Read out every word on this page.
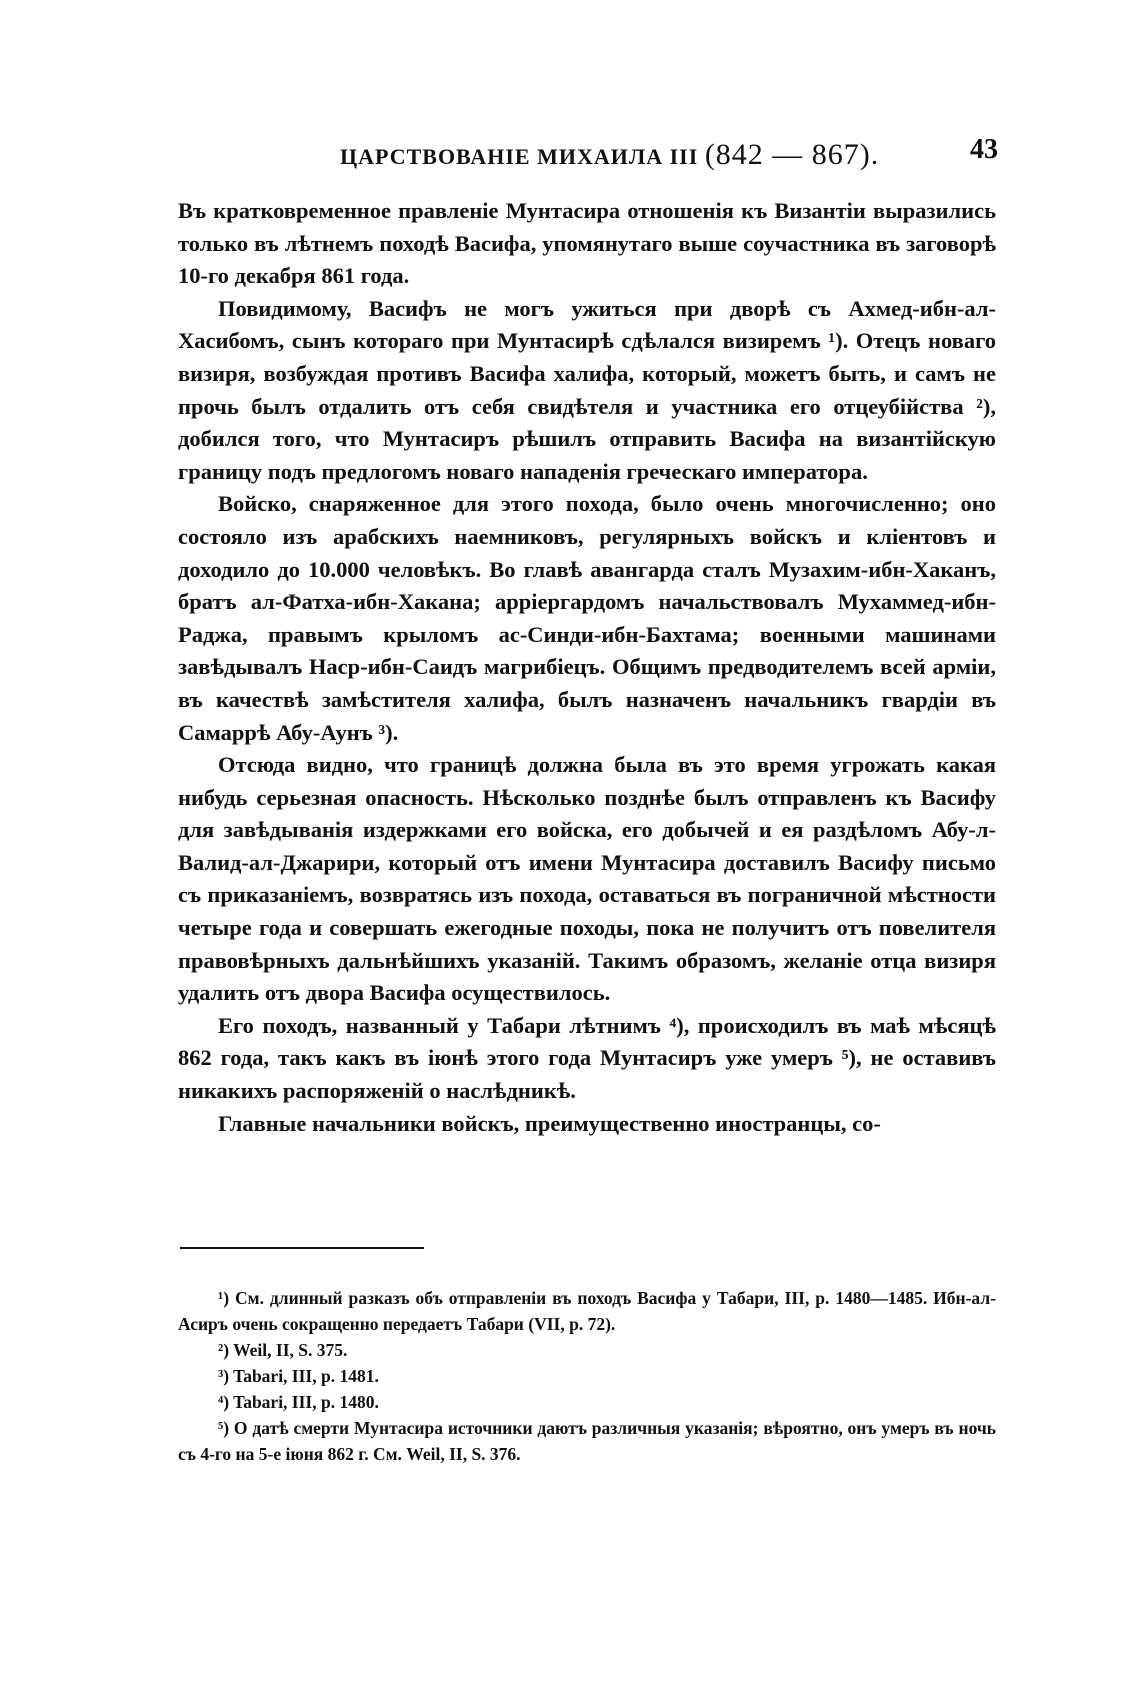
ЦАРСТВОВАНІЕ МИХАИЛА III (842 — 867).	43

Въ кратковременное правленіе Мунтасира отношенія къ Византіи выразились только въ лѣтнемъ походѣ Васифа, упомянутаго выше соучастника въ заговорѣ 10-го декабря 861 года.

Повидимому, Васифъ не могъ ужиться при дворѣ съ Ахмед-ибн-ал-Хасибомъ, сынъ котораго при Мунтасирѣ сдѣлался визиремъ ¹). Отецъ новаго визиря, возбуждая противъ Васифа халифа, который, можетъ быть, и самъ не прочь былъ отдалить отъ себя свидѣтеля и участника его отцеубійства ²), добился того, что Мунтасиръ рѣшилъ отправить Васифа на византійскую границу подъ предлогомъ новаго нападенія греческаго императора.

Войско, снаряженное для этого похода, было очень многочисленно; оно состояло изъ арабскихъ наемниковъ, регулярныхъ войскъ и кліентовъ и доходило до 10.000 человѣкъ. Во главѣ авангарда сталъ Музахим-ибн-Хаканъ, братъ ал-Фатха-ибн-Хакана; арріергардомъ начальствовалъ Мухаммед-ибн-Раджа, правымъ крыломъ ас-Синди-ибн-Бахтама; военными машинами завѣдывалъ Наср-ибн-Саидъ магрибіецъ. Общимъ предводителемъ всей арміи, въ качествѣ замѣстителя халифа, былъ назначенъ начальникъ гвардіи въ Самаррѣ Абу-Аунъ ³).

Отсюда видно, что границѣ должна была въ это время угрожать какая нибудь серьезная опасность. Нѣсколько позднѣе былъ отправленъ къ Васифу для завѣдыванія издержками его войска, его добычей и ея раздѣломъ Абу-л-Валид-ал-Джарири, который отъ имени Мунтасира доставилъ Васифу письмо съ приказаніемъ, возвратясь изъ похода, оставаться въ пограничной мѣстности четыре года и совершать ежегодные походы, пока не получитъ отъ повелителя правовѣрныхъ дальнѣйшихъ указаній. Такимъ образомъ, желаніе отца визиря удалить отъ двора Васифа осуществилось.

Его походъ, названный у Табари лѣтнимъ ⁴), происходилъ въ маѣ мѣсяцѣ 862 года, такъ какъ въ іюнѣ этого года Мунтасиръ уже умеръ ⁵), не оставивъ никакихъ распоряженій о наслѣдникѣ.

Главные начальники войскъ, преимущественно иностранцы, со-

¹) См. длинный разказъ объ отправленіи въ походъ Васифа у Табари, III, p. 1480—1485. Ибн-ал-Асиръ очень сокращенно передаетъ Табари (VII, p. 72).

²) Weil, II, S. 375.

³) Tabari, III, p. 1481.

⁴) Tabari, III, p. 1480.

⁵) О датѣ смерти Мунтасира источники даютъ различныя указанія; вѣроятно, онъ умеръ въ ночь съ 4-го на 5-е іюня 862 г. См. Weil, II, S. 376.
